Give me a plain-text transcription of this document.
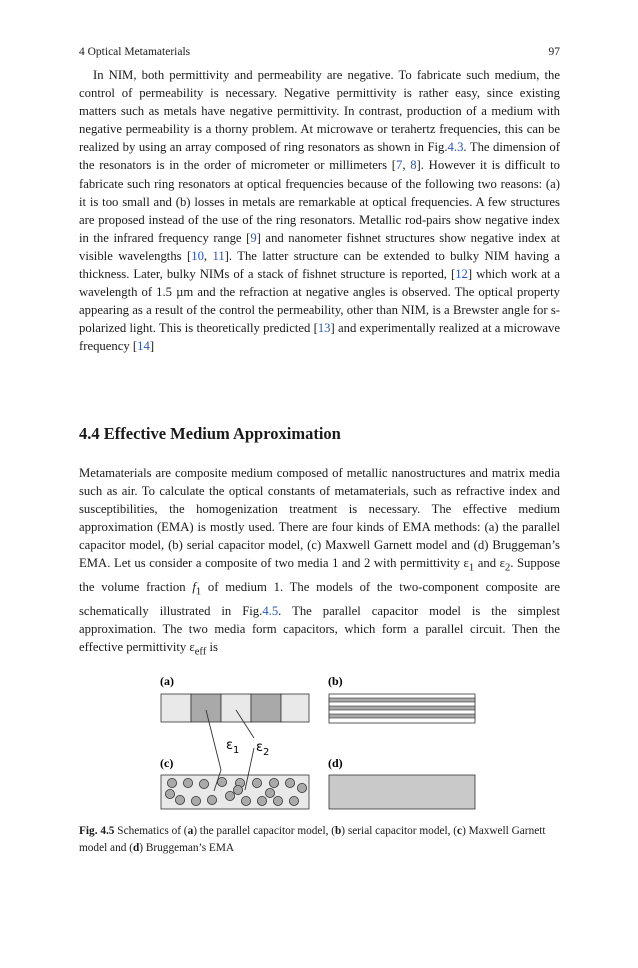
4 Optical Metamaterials	97

In NIM, both permittivity and permeability are negative. To fabricate such medium, the control of permeability is necessary. Negative permittivity is rather easy, since existing matters such as metals have negative permittivity. In contrast, production of a medium with negative permeability is a thorny problem. At microwave or terahertz frequencies, this can be realized by using an array composed of ring resonators as shown in Fig.4.3. The dimension of the resonators is in the order of micrometer or millimeters [7, 8]. However it is difficult to fabricate such ring resonators at optical frequencies because of the following two reasons: (a) it is too small and (b) losses in metals are remarkable at optical frequencies. A few structures are proposed instead of the use of the ring resonators. Metallic rod-pairs show negative index in the infrared frequency range [9] and nanometer fishnet structures show negative index at visible wavelengths [10, 11]. The latter structure can be extended to bulky NIM having a thickness. Later, bulky NIMs of a stack of fishnet structure is reported, [12] which work at a wavelength of 1.5 µm and the refraction at negative angles is observed. The optical property appearing as a result of the control the permeability, other than NIM, is a Brewster angle for s-polarized light. This is theoretically predicted [13] and experimentally realized at a microwave frequency [14]

4.4 Effective Medium Approximation

Metamaterials are composite medium composed of metallic nanostructures and matrix media such as air. To calculate the optical constants of metamaterials, such as refractive index and susceptibilities, the homogenization treatment is necessary. The effective medium approximation (EMA) is mostly used. There are four kinds of EMA methods: (a) the parallel capacitor model, (b) serial capacitor model, (c) Maxwell Garnett model and (d) Bruggeman’s EMA. Let us consider a composite of two media 1 and 2 with permittivity $\varepsilon_1$ and $\varepsilon_2$. Suppose the volume fraction $f_1$ of medium 1. The models of the two-component composite are schematically illustrated in Fig.4.5. The parallel capacitor model is the simplest approximation. The two media form capacitors, which form a parallel circuit. Then the effective permittivity $\varepsilon_{eff}$ is

(a)	(b)
(c)	(d)
$\varepsilon_1$ $\varepsilon_2$

Fig. 4.5 Schematics of (a) the parallel capacitor model, (b) serial capacitor model, (c) Maxwell Garnett model and (d) Bruggeman’s EMA
